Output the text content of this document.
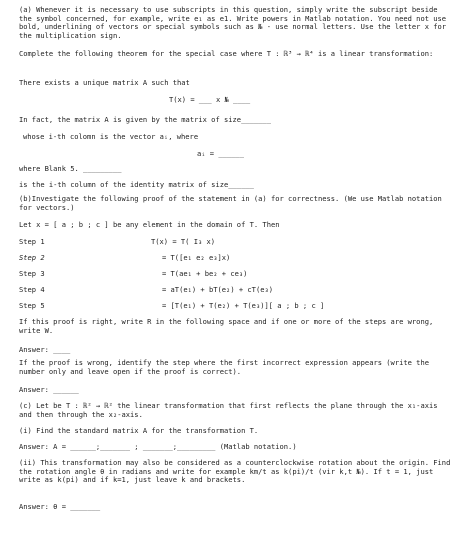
(a) Whenever it is necessary to use subscripts in this question, simply write the subscript beside the symbol concerned, for example, write e₁ as e1. Write powers in Matlab notation. You need not use bold, underlining of vectors or special symbols such as № - use normal letters. Use the letter x for the multiplication sign.
Complete the following theorem for the special case where T : ℝ³ → ℝ⁴ is a linear transformation:
There exists a unique matrix A such that
T(x) = ___ x № ____
In fact, the matrix A is given by the matrix of size_______
whose i-th colomn is the vector aᵢ, where
aᵢ = ______
where Blank 5. _________
is the i-th column of the identity matrix of size______
(b)Investigate the following proof of the statement in (a) for correctness. (We use Matlab notation for vectors.)
Let x = [ a ; b ; c ] be any element in the domain of T. Then
Step 1	T(x) = T( I₃ x)
Step 2	= T([e₁ e₂ e₃]x)
Step 3	= T(ae₁ + be₂ + ce₃)
Step 4	= aT(e₁) + bT(e₂) + cT(e₃)
Step 5	= [T(e₁) + T(e₂) + T(e₃)][ a ; b ; c ]
If this proof is right, write R in the following space and if one or more of the steps are wrong, write W.
Answer: ____
If the proof is wrong, identify the step where the first incorrect expression appears (write the number only and leave open if the proof is correct).
Answer: ______
(c) Let be T : ℝ² → ℝ² the linear transformation that first reflects the plane through the x₁-axis and then through the x₂-axis.
(i) Find the standard matrix A for the transformation T.
Answer: A = ______;_______ ; _______;_________ (Matlab notation.)
(ii) This transformation may also be considered as a counterclockwise rotation about the origin. Find the rotation angle θ in radians and write for example km/t as k(pi)/t (vir k,t №). If t = 1, just write as k(pi) and if k=1, just leave k and brackets.
Answer: θ = _______
